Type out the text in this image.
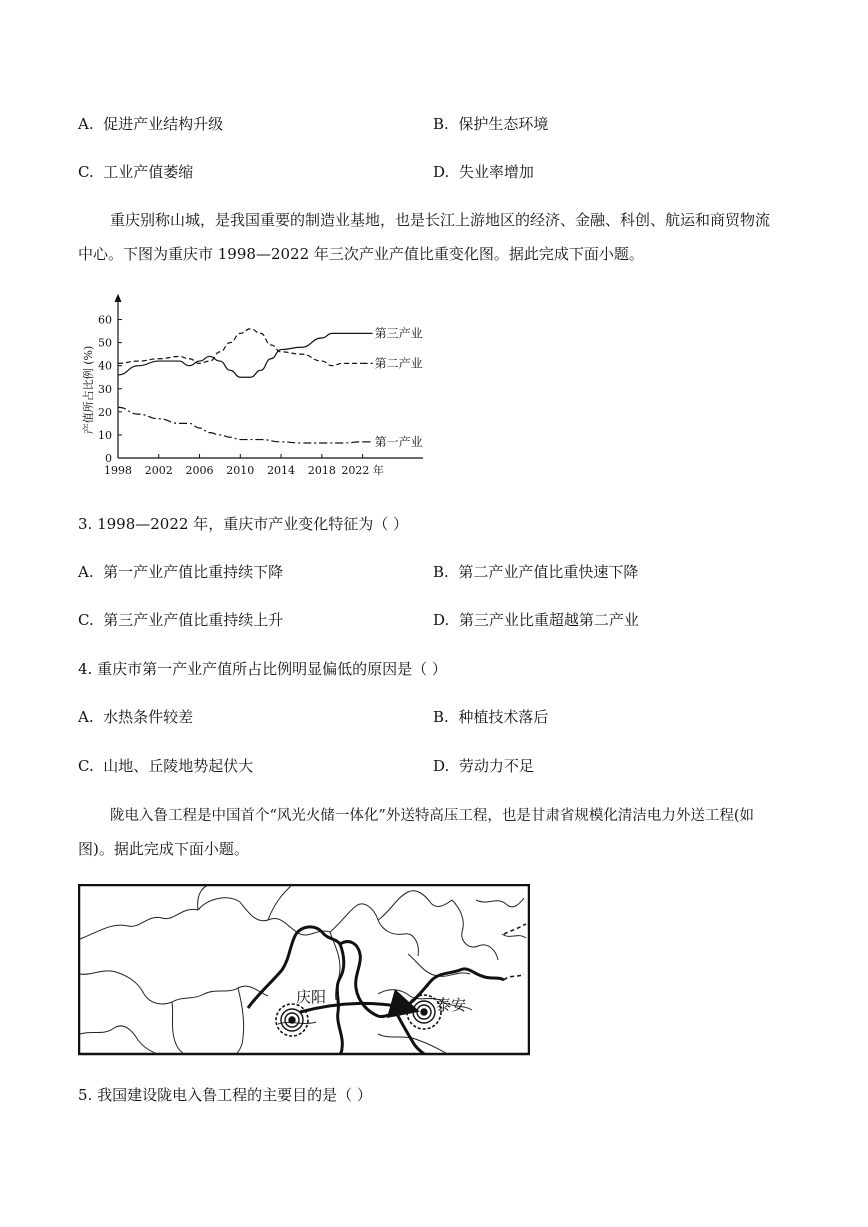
A. 促进产业结构升级	B. 保护生态环境
C. 工业产值萎缩	D. 失业率增加
重庆别称山城，是我国重要的制造业基地，也是长江上游地区的经济、金融、科创、航运和商贸物流
中心。下图为重庆市 1998—2022 年三次产业产值比重变化图。据此完成下面小题。
0
10
20
30
40
50
60
1998 2002 2006 2010 2014 2018 2022 年
产值所占比例 (%)
第三产业
第二产业
第一产业
3. 1998—2022 年，重庆市产业变化特征为（ ）
A. 第一产业产值比重持续下降	B. 第二产业产值比重快速下降
C. 第三产业产值比重持续上升	D. 第三产业比重超越第二产业
4. 重庆市第一产业产值所占比例明显偏低的原因是（ ）
A. 水热条件较差	B. 种植技术落后
C. 山地、丘陵地势起伏大	D. 劳动力不足
陇电入鲁工程是中国首个“风光火储一体化”外送特高压工程，也是甘肃省规模化清洁电力外送工程(如
图)。据此完成下面小题。
庆阳	泰安
5. 我国建设陇电入鲁工程的主要目的是（ ）
